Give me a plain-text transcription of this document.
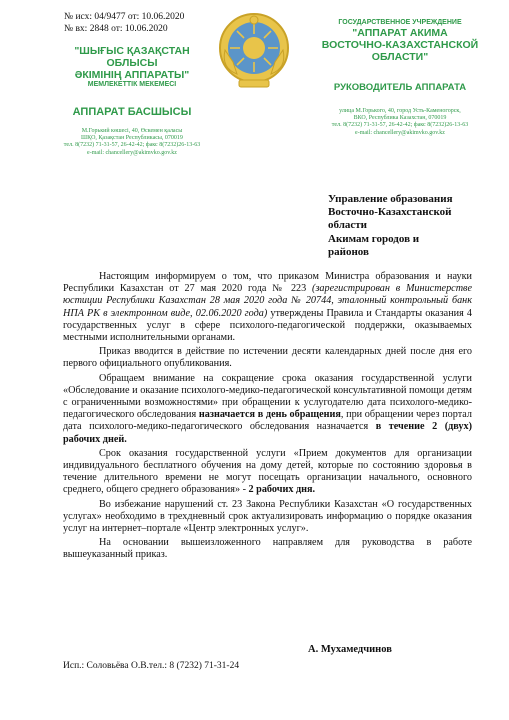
№ исх: 04/9477 от: 10.06.2020
№ вх: 2848 от: 10.06.2020
"ШЫҒЫС ҚАЗАҚСТАН
ОБЛЫСЫ
ӘКІМІНІҢ АППАРАТЫ"
МЕМЛЕКЕТТІК МЕКЕМЕСІ
АППАРАТ БАСШЫСЫ
М.Горький көшесі, 40, Өскемен қаласы
ШҚО, Қазақстан Республикасы, 070019
тел. 8(7232) 71-31-57, 26-42-42; факс 8(7232)26-13-63
e-mail: chancellery@akimvko.gov.kz
ГОСУДАРСТВЕННОЕ УЧРЕЖДЕНИЕ
"АППАРАТ АКИМА
ВОСТОЧНО-КАЗАХСТАНСКОЙ
ОБЛАСТИ"
РУКОВОДИТЕЛЬ АППАРАТА
улица М.Горького, 40, город Усть-Каменогорск,
ВКО, Республика Казахстан, 070019
тел. 8(7232) 71-31-57, 26-42-42; факс 8(7232)26-13-63
e-mail: chancellery@akimvko.gov.kz
Управление образования
Восточно-Казахстанской
области
Акимам городов и
районов

Настоящим информируем о том, что приказом Министра образования и науки Республики Казахстан от 27 мая 2020 года № 223 (зарегистрирован в Министерстве юстиции Республики Казахстан 28 мая 2020 года № 20744, эталонный контрольный банк НПА РК в электронном виде, 02.06.2020 года) утверждены Правила и Стандарты оказания 4 государственных услуг в сфере психолого-педагогической поддержки, оказываемых местными исполнительными органами.

Приказ вводится в действие по истечении десяти календарных дней после дня его первого официального опубликования.

Обращаем внимание на сокращение срока оказания государственной услуги «Обследование и оказание психолого-медико-педагогической консультативной помощи детям с ограниченными возможностями» при обращении к услугодателю дата психолого-медико-педагогического обследования назначается в день обращения, при обращении через портал дата психолого-медико-педагогического обследования назначается в течение 2 (двух) рабочих дней.

Срок оказания государственной услуги «Прием документов для организации индивидуального бесплатного обучения на дому детей, которые по состоянию здоровья в течение длительного времени не могут посещать организации начального, основного среднего, общего среднего образования» - 2 рабочих дня.

Во избежание нарушений ст. 23 Закона Республики Казахстан «О государственных услугах» необходимо в трехдневный срок актуализировать информацию о порядке оказания услуг на интернет–портале «Центр электронных услуг».

На основании вышеизложенного направляем для руководства в работе вышеуказанный приказ.

А. Мухамедчинов
Исп.: Соловьёва О.В.тел.: 8 (7232) 71-31-24
